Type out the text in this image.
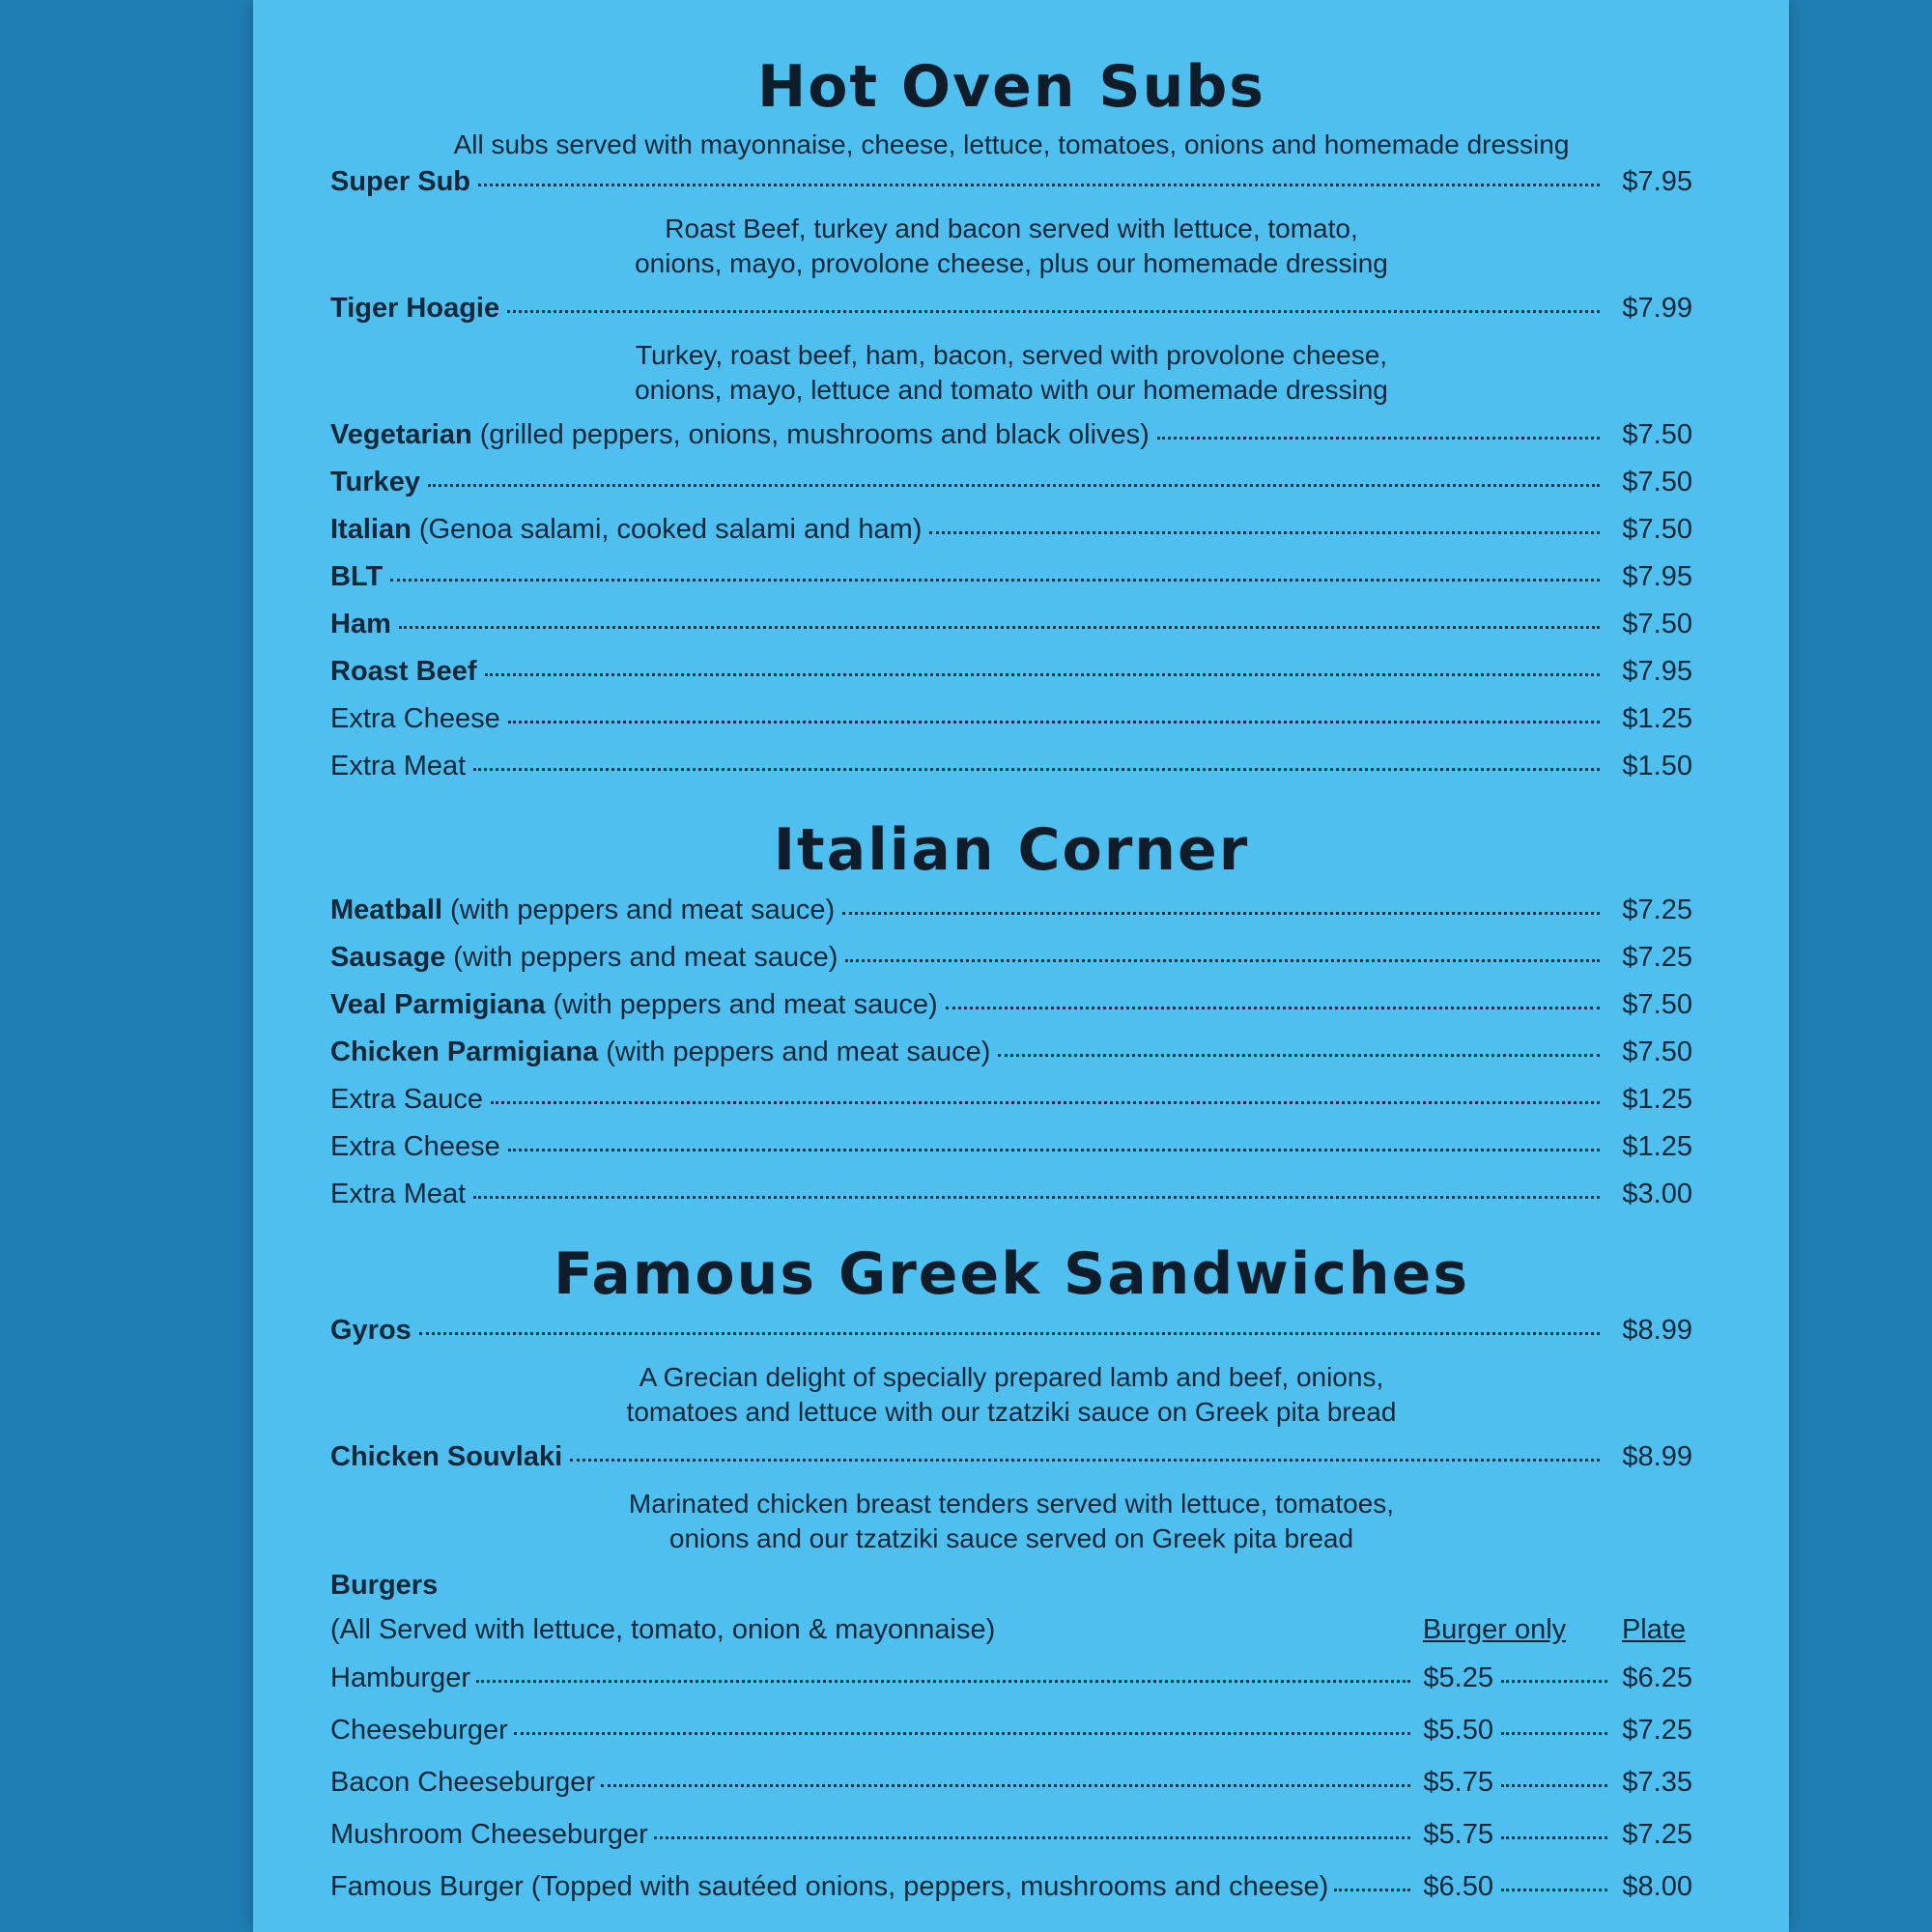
Hot Oven Subs
All subs served with mayonnaise, cheese, lettuce, tomatoes, onions and homemade dressing
Super Sub	$7.95
Roast Beef, turkey and bacon served with lettuce, tomato,
onions, mayo, provolone cheese, plus our homemade dressing
Tiger Hoagie	$7.99
Turkey, roast beef, ham, bacon, served with provolone cheese,
onions, mayo, lettuce and tomato with our homemade dressing
Vegetarian (grilled peppers, onions, mushrooms and black olives)	$7.50
Turkey	$7.50
Italian (Genoa salami, cooked salami and ham)	$7.50
BLT	$7.95
Ham	$7.50
Roast Beef	$7.95
Extra Cheese	$1.25
Extra Meat	$1.50
Italian Corner
Meatball (with peppers and meat sauce)	$7.25
Sausage (with peppers and meat sauce)	$7.25
Veal Parmigiana (with peppers and meat sauce)	$7.50
Chicken Parmigiana (with peppers and meat sauce)	$7.50
Extra Sauce	$1.25
Extra Cheese	$1.25
Extra Meat	$3.00
Famous Greek Sandwiches
Gyros	$8.99
A Grecian delight of specially prepared lamb and beef, onions,
tomatoes and lettuce with our tzatziki sauce on Greek pita bread
Chicken Souvlaki	$8.99
Marinated chicken breast tenders served with lettuce, tomatoes,
onions and our tzatziki sauce served on Greek pita bread
Burgers
(All Served with lettuce, tomato, onion & mayonnaise)	Burger only	Plate
Hamburger	$5.25	$6.25
Cheeseburger	$5.50	$7.25
Bacon Cheeseburger	$5.75	$7.35
Mushroom Cheeseburger	$5.75	$7.25
Famous Burger (Topped with sautéed onions, peppers, mushrooms and cheese)	$6.50	$8.00
